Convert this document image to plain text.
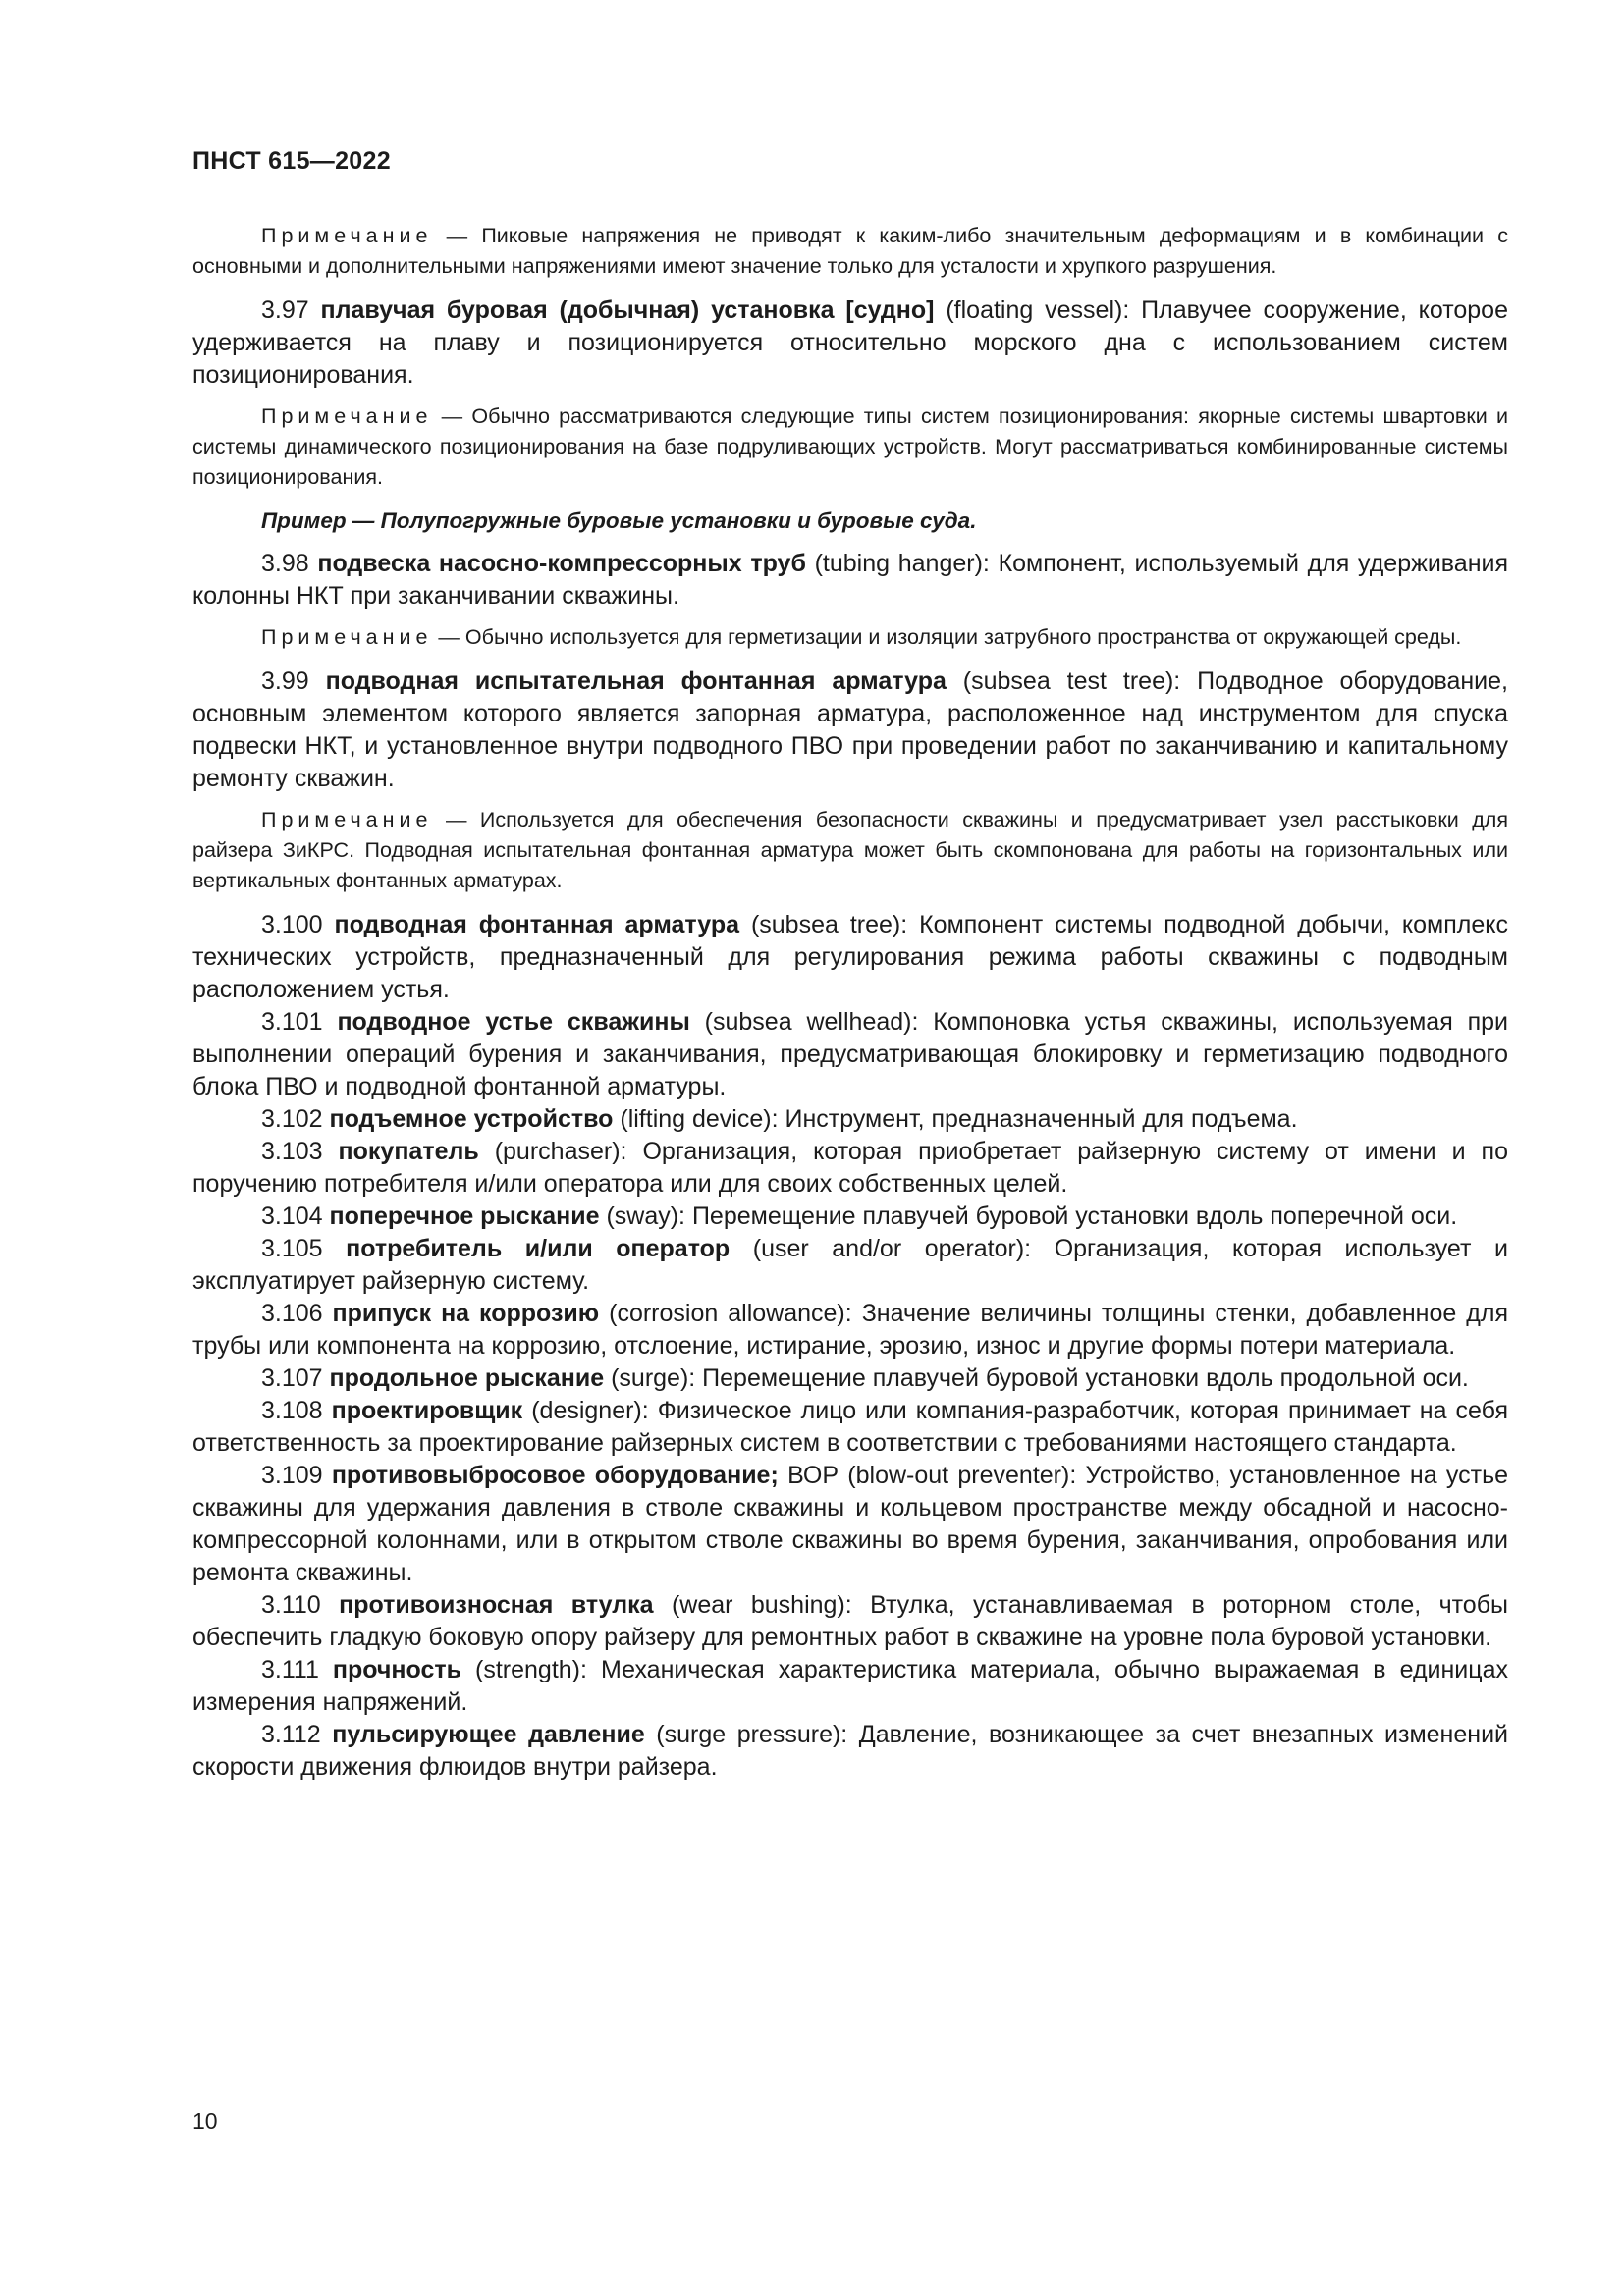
ПНСТ 615—2022

Примечание — Пиковые напряжения не приводят к каким-либо значительным деформациям и в комбинации с основными и дополнительными напряжениями имеют значение только для усталости и хрупкого разрушения.

3.97 плавучая буровая (добычная) установка [судно] (floating vessel): Плавучее сооружение, которое удерживается на плаву и позиционируется относительно морского дна с использованием систем позиционирования.

Примечание — Обычно рассматриваются следующие типы систем позиционирования: якорные системы швартовки и системы динамического позиционирования на базе подруливающих устройств. Могут рассматриваться комбинированные системы позиционирования.

Пример — Полупогружные буровые установки и буровые суда.

3.98 подвеска насосно-компрессорных труб (tubing hanger): Компонент, используемый для удерживания колонны НКТ при заканчивании скважины.

Примечание — Обычно используется для герметизации и изоляции затрубного пространства от окружающей среды.

3.99 подводная испытательная фонтанная арматура (subsea test tree): Подводное оборудование, основным элементом которого является запорная арматура, расположенное над инструментом для спуска подвески НКТ, и установленное внутри подводного ПВО при проведении работ по заканчиванию и капитальному ремонту скважин.

Примечание — Используется для обеспечения безопасности скважины и предусматривает узел расстыковки для райзера ЗиКРС. Подводная испытательная фонтанная арматура может быть скомпонована для работы на горизонтальных или вертикальных фонтанных арматурах.

3.100 подводная фонтанная арматура (subsea tree): Компонент системы подводной добычи, комплекс технических устройств, предназначенный для регулирования режима работы скважины с подводным расположением устья.

3.101 подводное устье скважины (subsea wellhead): Компоновка устья скважины, используемая при выполнении операций бурения и заканчивания, предусматривающая блокировку и герметизацию подводного блока ПВО и подводной фонтанной арматуры.

3.102 подъемное устройство (lifting device): Инструмент, предназначенный для подъема.

3.103 покупатель (purchaser): Организация, которая приобретает райзерную систему от имени и по поручению потребителя и/или оператора или для своих собственных целей.

3.104 поперечное рыскание (sway): Перемещение плавучей буровой установки вдоль поперечной оси.

3.105 потребитель и/или оператор (user and/or operator): Организация, которая использует и эксплуатирует райзерную систему.

3.106 припуск на коррозию (corrosion allowance): Значение величины толщины стенки, добавленное для трубы или компонента на коррозию, отслоение, истирание, эрозию, износ и другие формы потери материала.

3.107 продольное рыскание (surge): Перемещение плавучей буровой установки вдоль продольной оси.

3.108 проектировщик (designer): Физическое лицо или компания-разработчик, которая принимает на себя ответственность за проектирование райзерных систем в соответствии с требованиями настоящего стандарта.

3.109 противовыбросовое оборудование; ВОР (blow-out preventer): Устройство, установленное на устье скважины для удержания давления в стволе скважины и кольцевом пространстве между обсадной и насосно-компрессорной колоннами, или в открытом стволе скважины во время бурения, заканчивания, опробования или ремонта скважины.

3.110 противоизносная втулка (wear bushing): Втулка, устанавливаемая в роторном столе, чтобы обеспечить гладкую боковую опору райзеру для ремонтных работ в скважине на уровне пола буровой установки.

3.111 прочность (strength): Механическая характеристика материала, обычно выражаемая в единицах измерения напряжений.

3.112 пульсирующее давление (surge pressure): Давление, возникающее за счет внезапных изменений скорости движения флюидов внутри райзера.

10
